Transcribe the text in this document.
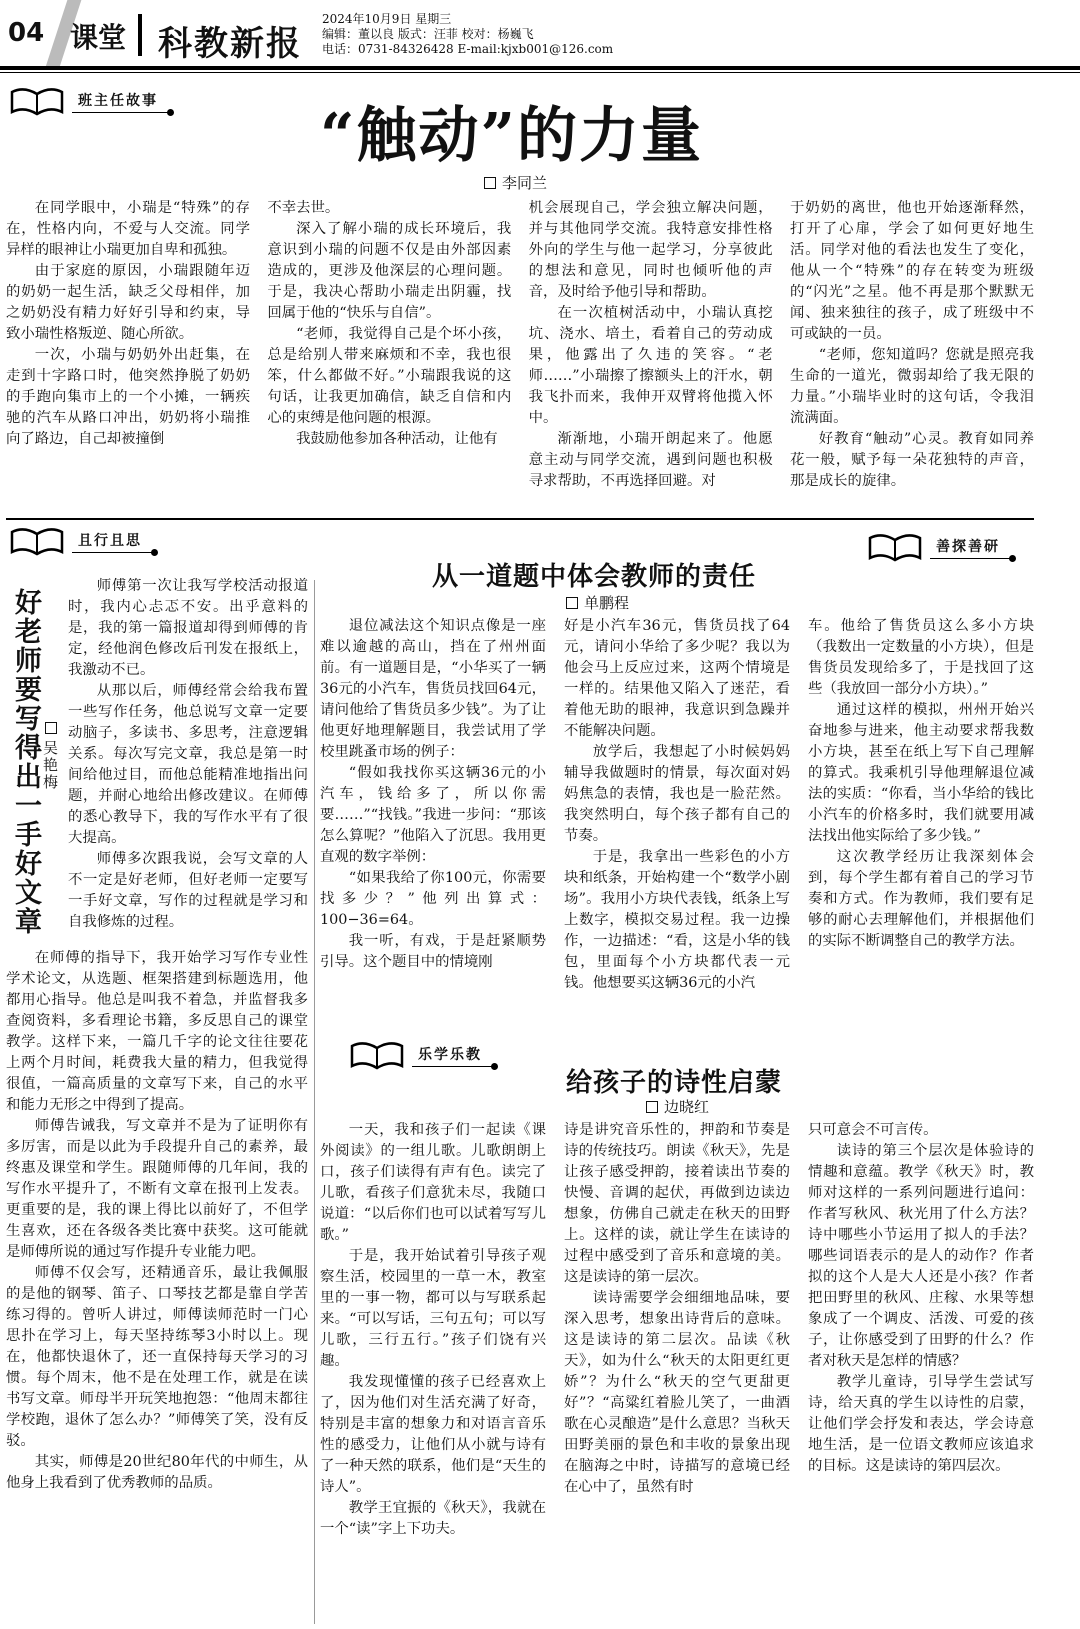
04 课堂 科教新报
2024年10月9日 星期三
编辑：董以良 版式：汪菲 校对：杨巍飞
电话：0731-84326428 E-mail:kjxb001@126.com
班主任故事
“触动”的力量
李同兰

在同学眼中，小瑞是“特殊”的存在，性格内向，不爱与人交流。同学异样的眼神让小瑞更加自卑和孤独。

由于家庭的原因，小瑞跟随年迈的奶奶一起生活，缺乏父母相伴，加之奶奶没有精力好好引导和约束，导致小瑞性格叛逆、随心所欲。

一次，小瑞与奶奶外出赶集，在走到十字路口时，他突然挣脱了奶奶的手跑向集市上的一个小摊，一辆疾驰的汽车从路口冲出，奶奶将小瑞推向了路边，自己却被撞倒

不幸去世。

深入了解小瑞的成长环境后，我意识到小瑞的问题不仅是由外部因素造成的，更涉及他深层的心理问题。于是，我决心帮助小瑞走出阴霾，找回属于他的“快乐与自信”。

“老师，我觉得自己是个坏小孩，总是给别人带来麻烦和不幸，我也很笨，什么都做不好。”小瑞跟我说的这句话，让我更加确信，缺乏自信和内心的束缚是他问题的根源。

我鼓励他参加各种活动，让他有

机会展现自己，学会独立解决问题，并与其他同学交流。我特意安排性格外向的学生与他一起学习，分享彼此的想法和意见，同时也倾听他的声音，及时给予他引导和帮助。

在一次植树活动中，小瑞认真挖坑、浇水、培土，看着自己的劳动成果，他露出了久违的笑容。“老师……”小瑞擦了擦额头上的汗水，朝我飞扑而来，我伸开双臂将他揽入怀中。

渐渐地，小瑞开朗起来了。他愿意主动与同学交流，遇到问题也积极寻求帮助，不再选择回避。对

于奶奶的离世，他也开始逐渐释然，打开了心扉，学会了如何更好地生活。同学对他的看法也发生了变化，他从一个“特殊”的存在转变为班级的“闪光”之星。他不再是那个默默无闻、独来独往的孩子，成了班级中不可或缺的一员。

“老师，您知道吗？您就是照亮我生命的一道光，微弱却给了我无限的力量。”小瑞毕业时的这句话，令我泪流满面。

好教育“触动”心灵。教育如同养花一般，赋予每一朵花独特的声音，那是成长的旋律。

且行且思
好老师要写得出一手好文章 吴艳梅

师傅第一次让我写学校活动报道时，我内心忐忑不安。出乎意料的是，我的第一篇报道却得到师傅的肯定，经他润色修改后刊发在报纸上，我激动不已。

从那以后，师傅经常会给我布置一些写作任务，他总说写文章一定要动脑子，多读书、多思考，注意逻辑关系。每次写完文章，我总是第一时间给他过目，而他总能精准地指出问题，并耐心地给出修改建议。在师傅的悉心教导下，我的写作水平有了很大提高。

师傅多次跟我说，会写文章的人不一定是好老师，但好老师一定要写一手好文章，写作的过程就是学习和自我修炼的过程。

在师傅的指导下，我开始学习写作专业性学术论文，从选题、框架搭建到标题选用，他都用心指导。他总是叫我不着急，并监督我多查阅资料，多看理论书籍，多反思自己的课堂教学。这样下来，一篇几千字的论文往往要花上两个月时间，耗费我大量的精力，但我觉得很值，一篇高质量的文章写下来，自己的水平和能力无形之中得到了提高。

师傅告诫我，写文章并不是为了证明你有多厉害，而是以此为手段提升自己的素养，最终惠及课堂和学生。跟随师傅的几年间，我的写作水平提升了，不断有文章在报刊上发表。更重要的是，我的课上得比以前好了，不但学生喜欢，还在各级各类比赛中获奖。这可能就是师傅所说的通过写作提升专业能力吧。

师傅不仅会写，还精通音乐，最让我佩服的是他的钢琴、笛子、口琴技艺都是靠自学苦练习得的。曾听人讲过，师傅读师范时一门心思扑在学习上，每天坚持练琴3小时以上。现在，他都快退休了，还一直保持每天学习的习惯。每个周末，他不是在处理工作，就是在读书写文章。师母半开玩笑地抱怨：“他周末都往学校跑，退休了怎么办？”师傅笑了笑，没有反驳。

其实，师傅是20世纪80年代的中师生，从他身上我看到了优秀教师的品质。

善探善研
从一道题中体会教师的责任
单鹏程

退位减法这个知识点像是一座难以逾越的高山，挡在了州州面前。有一道题目是，“小华买了一辆36元的小汽车，售货员找回64元，请问他给了售货员多少钱”。为了让他更好地理解题目，我尝试用了学校里跳蚤市场的例子：

“假如我找你买这辆36元的小汽车，钱给多了，所以你需要……”“找钱。”我进一步问：“那该怎么算呢？”他陷入了沉思。我用更直观的数字举例：

“如果我给了你100元，你需要找多少？”他列出算式：100−36=64。

我一听，有戏，于是赶紧顺势引导。这个题目中的情境刚

好是小汽车36元，售货员找了64元，请问小华给了多少呢？我以为他会马上反应过来，这两个情境是一样的。结果他又陷入了迷茫，看着他无助的眼神，我意识到急躁并不能解决问题。

放学后，我想起了小时候妈妈辅导我做题时的情景，每次面对妈妈焦急的表情，我也是一脸茫然。我突然明白，每个孩子都有自己的节奏。

于是，我拿出一些彩色的小方块和纸条，开始构建一个“数学小剧场”。我用小方块代表钱，纸条上写上数字，模拟交易过程。我一边操作，一边描述：“看，这是小华的钱包，里面每个小方块都代表一元钱。他想要买这辆36元的小汽

车。他给了售货员这么多小方块（我数出一定数量的小方块），但是售货员发现给多了，于是找回了这些（我放回一部分小方块）。”

通过这样的模拟，州州开始兴奋地参与进来，他主动要求帮我数小方块，甚至在纸上写下自己理解的算式。我乘机引导他理解退位减法的实质：“你看，当小华给的钱比小汽车的价格多时，我们就要用减法找出他实际给了多少钱。”

这次教学经历让我深刻体会到，每个学生都有着自己的学习节奏和方式。作为教师，我们要有足够的耐心去理解他们，并根据他们的实际不断调整自己的教学方法。

乐学乐教
给孩子的诗性启蒙
边晓红

一天，我和孩子们一起读《课外阅读》的一组儿歌。儿歌朗朗上口，孩子们读得有声有色。读完了儿歌，看孩子们意犹未尽，我随口说道：“以后你们也可以试着写写儿歌。”

于是，我开始试着引导孩子观察生活，校园里的一草一木，教室里的一事一物，都可以与写联系起来。“可以写话，三句五句；可以写儿歌，三行五行。”孩子们饶有兴趣。

我发现懂懂的孩子已经喜欢上了，因为他们对生活充满了好奇，特别是丰富的想象力和对语言音乐性的感受力，让他们从小就与诗有了一种天然的联系，他们是“天生的诗人”。

教学王宜振的《秋天》，我就在一个“读”字上下功夫。

诗是讲究音乐性的，押韵和节奏是诗的传统技巧。朗读《秋天》，先是让孩子感受押韵，接着读出节奏的快慢、音调的起伏，再做到边读边想象，仿佛自己就走在秋天的田野上。这样的读，就让学生在读诗的过程中感受到了音乐和意境的美。这是读诗的第一层次。

读诗需要学会细细地品味，要深入思考，想象出诗背后的意味。这是读诗的第二层次。品读《秋天》，如为什么“秋天的太阳更红更娇”？为什么“秋天的空气更甜更好”？“高粱红着脸儿笑了，一曲酒歌在心灵酿造”是什么意思？当秋天田野美丽的景色和丰收的景象出现在脑海之中时，诗描写的意境已经在心中了，虽然有时

只可意会不可言传。

读诗的第三个层次是体验诗的情趣和意蕴。教学《秋天》时，教师对这样的一系列问题进行追问：作者写秋风、秋光用了什么方法？诗中哪些小节运用了拟人的手法？哪些词语表示的是人的动作？作者拟的这个人是大人还是小孩？作者把田野里的秋风、庄稼、水果等想象成了一个调皮、活泼、可爱的孩子，让你感受到了田野的什么？作者对秋天是怎样的情感？

教学儿童诗，引导学生尝试写诗，给天真的学生以诗性的启蒙，让他们学会抒发和表达，学会诗意地生活，是一位语文教师应该追求的目标。这是读诗的第四层次。
